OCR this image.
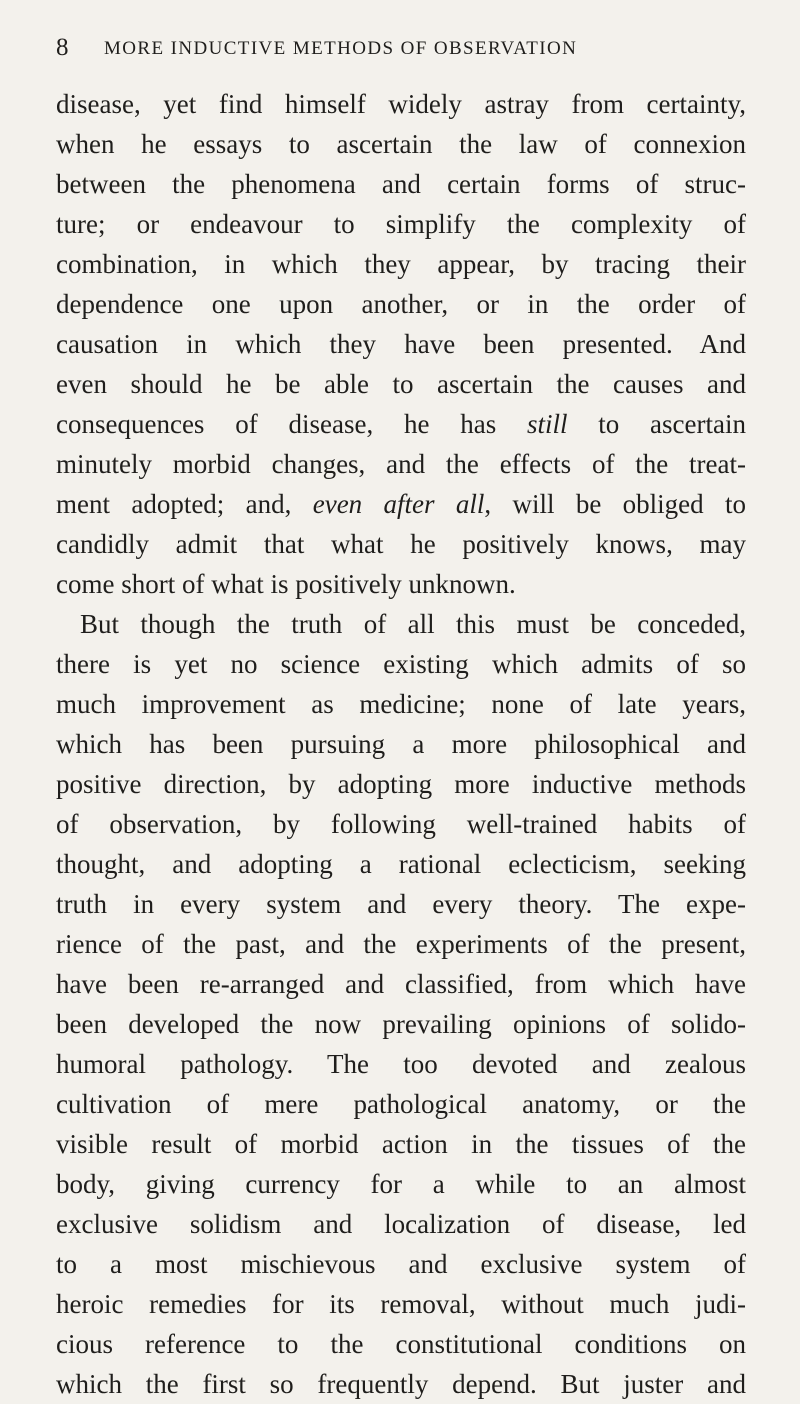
8 MORE INDUCTIVE METHODS OF OBSERVATION
disease, yet find himself widely astray from certainty,
when he essays to ascertain the law of connexion
between the phenomena and certain forms of struc-
ture; or endeavour to simplify the complexity of
combination, in which they appear, by tracing their
dependence one upon another, or in the order of
causation in which they have been presented. And
even should he be able to ascertain the causes and
consequences of disease, he has still to ascertain
minutely morbid changes, and the effects of the treat-
ment adopted; and, even after all, will be obliged to
candidly admit that what he positively knows, may
come short of what is positively unknown.
But though the truth of all this must be conceded,
there is yet no science existing which admits of so
much improvement as medicine; none of late years,
which has been pursuing a more philosophical and
positive direction, by adopting more inductive methods
of observation, by following well-trained habits of
thought, and adopting a rational eclecticism, seeking
truth in every system and every theory. The expe-
rience of the past, and the experiments of the present,
have been re-arranged and classified, from which have
been developed the now prevailing opinions of solido-
humoral pathology. The too devoted and zealous
cultivation of mere pathological anatomy, or the
visible result of morbid action in the tissues of the
body, giving currency for a while to an almost
exclusive solidism and localization of disease, led
to a most mischievous and exclusive system of
heroic remedies for its removal, without much judi-
cious reference to the constitutional conditions on
which the first so frequently depend. But juster and
